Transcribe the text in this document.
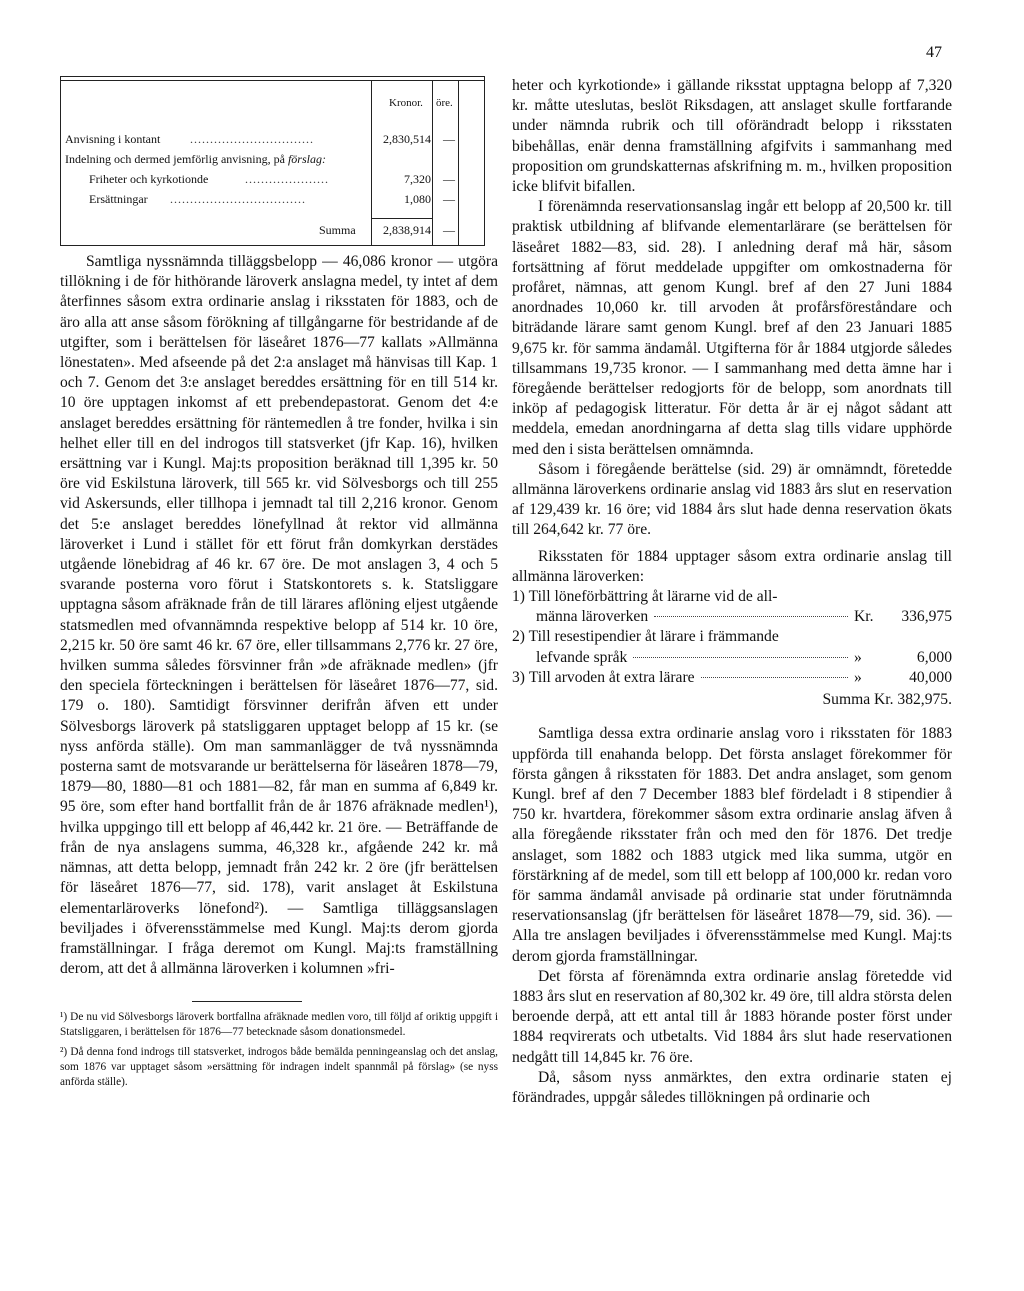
47
Kronor. öre.
Anvisning i kontant ...............................	2,830,514	—
Indelning och dermed jemförlig anvisning, på förslag:
Friheter och kyrkotionde	.....................	7,320	—
Ersättningar ..................................	1,080	—
Summa 2,838,914	—

Samtliga nyssnämnda tilläggsbelopp — 46,086 kronor — utgöra tillökning i de för hithörande läroverk anslagna medel, ty intet af dem återfinnes såsom extra ordinarie anslag i riksstaten för 1883, och de äro alla att anse såsom förökning af tillgångarne för bestridande af de utgifter, som i berättelsen för läseåret 1876—77 kallats »Allmänna lönestaten». Med afseende på det 2:a anslaget må hänvisas till Kap. 1 och 7. Genom det 3:e anslaget bereddes ersättning för en till 514 kr. 10 öre upptagen inkomst af ett prebendepastorat. Genom det 4:e anslaget bereddes ersättning för räntemedlen å tre fonder, hvilka i sin helhet eller till en del indrogos till statsverket (jfr Kap. 16), hvilken ersättning var i Kungl. Maj:ts proposition beräknad till 1,395 kr. 50 öre vid Eskilstuna läroverk, till 565 kr. vid Sölvesborgs och till 255 vid Askersunds, eller tillhopa i jemnadt tal till 2,216 kronor. Genom det 5:e anslaget bereddes lönefyllnad åt rektor vid allmänna läroverket i Lund i stället för ett förut från domkyrkan derstädes utgående lönebidrag af 46 kr. 67 öre. De mot anslagen 3, 4 och 5 svarande posterna voro förut i Statskontorets s. k. Statsliggare upptagna såsom afräknade från de till lärares aflöning eljest utgående statsmedlen med ofvannämnda respektive belopp af 514 kr. 10 öre, 2,215 kr. 50 öre samt 46 kr. 67 öre, eller tillsammans 2,776 kr. 27 öre, hvilken summa således försvinner från »de afräknade medlen» (jfr den speciela förteckningen i berättelsen för läseåret 1876—77, sid. 179 o. 180). Samtidigt försvinner derifrån äfven ett under Sölvesborgs läroverk på statsliggaren upptaget belopp af 15 kr. (se nyss anförda ställe). Om man sammanlägger de två nyssnämnda posterna samt de motsvarande ur berättelserna för läseåren 1878—79, 1879—80, 1880—81 och 1881—82, får man en summa af 6,849 kr. 95 öre, som efter hand bortfallit från de år 1876 afräknade medlen¹), hvilka uppgingo till ett belopp af 46,442 kr. 21 öre. — Beträffande de från de nya anslagens summa, 46,328 kr., afgående 242 kr. må nämnas, att detta belopp, jemnadt från 242 kr. 2 öre (jfr berättelsen för läseåret 1876—77, sid. 178), varit anslaget åt Eskilstuna elementarläroverks lönefond²). — Samtliga tilläggsanslagen beviljades i öfverensstämmelse med Kungl. Maj:ts derom gjorda framställningar. I fråga deremot om Kungl. Maj:ts framställning derom, att det å allmänna läroverken i kolumnen »fri-

¹) De nu vid Sölvesborgs läroverk bortfallna afräknade medlen voro, till följd af oriktig uppgift i Statsliggaren, i berättelsen för 1876—77 betecknade såsom donationsmedel.

²) Då denna fond indrogs till statsverket, indrogos både bemälda penningeanslag och det anslag, som 1876 var upptaget såsom »ersättning för indragen indelt spannmål på förslag» (se nyss anförda ställe).

heter och kyrkotionde» i gällande riksstat upptagna belopp af 7,320 kr. måtte uteslutas, beslöt Riksdagen, att anslaget skulle fortfarande under nämnda rubrik och till oförändradt belopp i riksstaten bibehållas, enär denna framställning afgifvits i sammanhang med proposition om grundskatternas afskrifning m. m., hvilken proposition icke blifvit bifallen.

I förenämnda reservationsanslag ingår ett belopp af 20,500 kr. till praktisk utbildning af blifvande elementarlärare (se berättelsen för läseåret 1882—83, sid. 28). I anledning deraf må här, såsom fortsättning af förut meddelade uppgifter om omkostnaderna för profåret, nämnas, att genom Kungl. bref af den 27 Juni 1884 anordnades 10,060 kr. till arvoden åt profårsföreståndare och biträdande lärare samt genom Kungl. bref af den 23 Januari 1885 9,675 kr. för samma ändamål. Utgifterna för år 1884 utgjorde således tillsammans 19,735 kronor. — I sammanhang med detta ämne har i föregående berättelser redogjorts för de belopp, som anordnats till inköp af pedagogisk litteratur. För detta år är ej något sådant att meddela, emedan anordningarna af detta slag tills vidare upphörde med den i sista berättelsen omnämnda.

Såsom i föregående berättelse (sid. 29) är omnämndt, företedde allmänna läroverkens ordinarie anslag vid 1883 års slut en reservation af 129,439 kr. 16 öre; vid 1884 års slut hade denna reservation ökats till 264,642 kr. 77 öre.

Riksstaten för 1884 upptager såsom extra ordinarie anslag till allmänna läroverken:

1) Till löneförbättring åt lärarne vid de all-
männa läroverken	Kr.	336,975
2) Till resestipendier åt lärare i främmande
lefvande språk	»	6,000
3)
Till arvoden åt extra lärare	»	40,000
Summa Kr. 382,975.

Samtliga dessa extra ordinarie anslag voro i riksstaten för 1883 uppförda till enahanda belopp. Det första anslaget förekommer för första gången å riksstaten för 1883. Det andra anslaget, som genom Kungl. bref af den 7 December 1883 blef fördeladt i 8 stipendier å 750 kr. hvartdera, förekommer såsom extra ordinarie anslag äfven å alla föregående riksstater från och med den för 1876. Det tredje anslaget, som 1882 och 1883 utgick med lika summa, utgör en förstärkning af de medel, som till ett belopp af 100,000 kr. redan voro för samma ändamål anvisade på ordinarie stat under förutnämnda reservationsanslag (jfr berättelsen för läseåret 1878—79, sid. 36). — Alla tre anslagen beviljades i öfverensstämmelse med Kungl. Maj:ts derom gjorda framställningar.

Det första af förenämnda extra ordinarie anslag företedde vid 1883 års slut en reservation af 80,302 kr. 49 öre, till aldra största delen beroende derpå, att ett antal till år 1883 hörande poster först under 1884 reqvirerats och utbetalts. Vid 1884 års slut hade reservationen nedgått till 14,845 kr. 76 öre.

Då, såsom nyss anmärktes, den extra ordinarie staten ej förändrades, uppgår således tillökningen på ordinarie och
